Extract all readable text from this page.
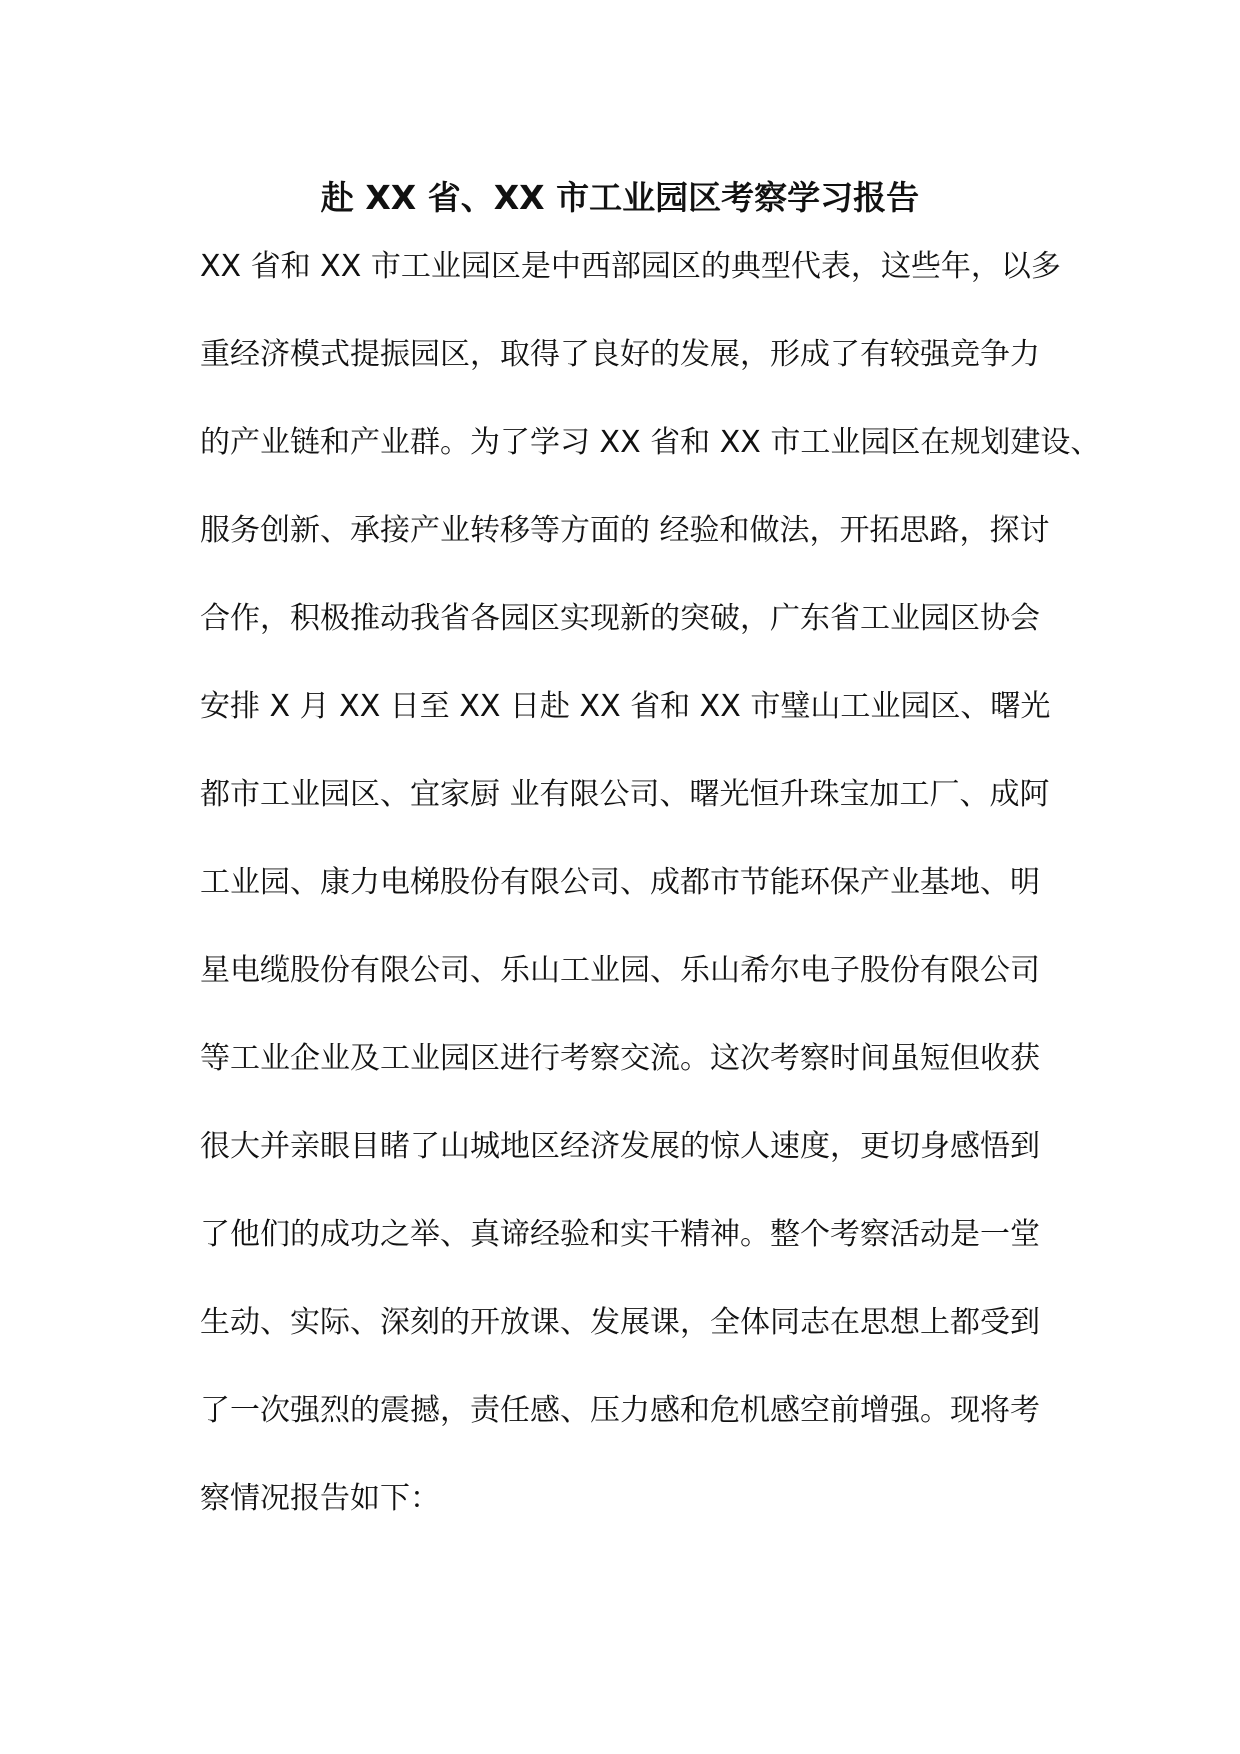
赴 XX 省、XX 市工业园区考察学习报告
XX 省和 XX 市工业园区是中西部园区的典型代表，这些年，以多
重经济模式提振园区，取得了良好的发展，形成了有较强竞争力
的产业链和产业群。为了学习 XX 省和 XX 市工业园区在规划建设、
服务创新、承接产业转移等方面的 经验和做法，开拓思路，探讨
合作，积极推动我省各园区实现新的突破，广东省工业园区协会
安排 X 月 XX 日至 XX 日赴 XX 省和 XX 市璧山工业园区、曙光
都市工业园区、宜家厨 业有限公司、曙光恒升珠宝加工厂、成阿
工业园、康力电梯股份有限公司、成都市节能环保产业基地、明
星电缆股份有限公司、乐山工业园、乐山希尔电子股份有限公司
等工业企业及工业园区进行考察交流。这次考察时间虽短但收获
很大并亲眼目睹了山城地区经济发展的惊人速度，更切身感悟到
了他们的成功之举、真谛经验和实干精神。整个考察活动是一堂
生动、实际、深刻的开放课、发展课，全体同志在思想上都受到
了一次强烈的震撼，责任感、压力感和危机感空前增强。现将考
察情况报告如下：
